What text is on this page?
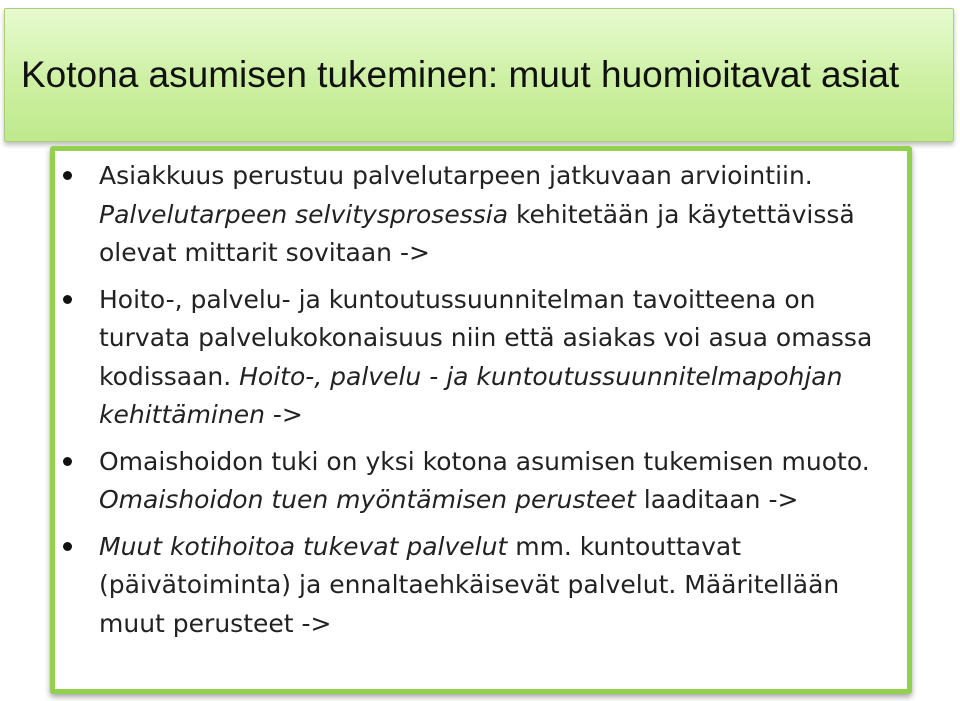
Kotona asumisen tukeminen: muut huomioitavat asiat
Asiakkuus perustuu palvelutarpeen jatkuvaan arviointiin. Palvelutarpeen selvitysprosessia kehitetään ja käytettävissä olevat mittarit sovitaan ->
Hoito-, palvelu- ja kuntoutussuunnitelman tavoitteena on turvata palvelukokonaisuus niin että asiakas voi asua omassa kodissaan. Hoito-, palvelu - ja kuntoutussuunnitelmapohjan kehittäminen ->
Omaishoidon tuki on yksi kotona asumisen tukemisen muoto. Omaishoidon tuen myöntämisen perusteet laaditaan ->
Muut kotihoitoa tukevat palvelut mm. kuntouttavat (päivätoiminta) ja ennaltaehkäisevät palvelut. Määritellään muut perusteet ->
